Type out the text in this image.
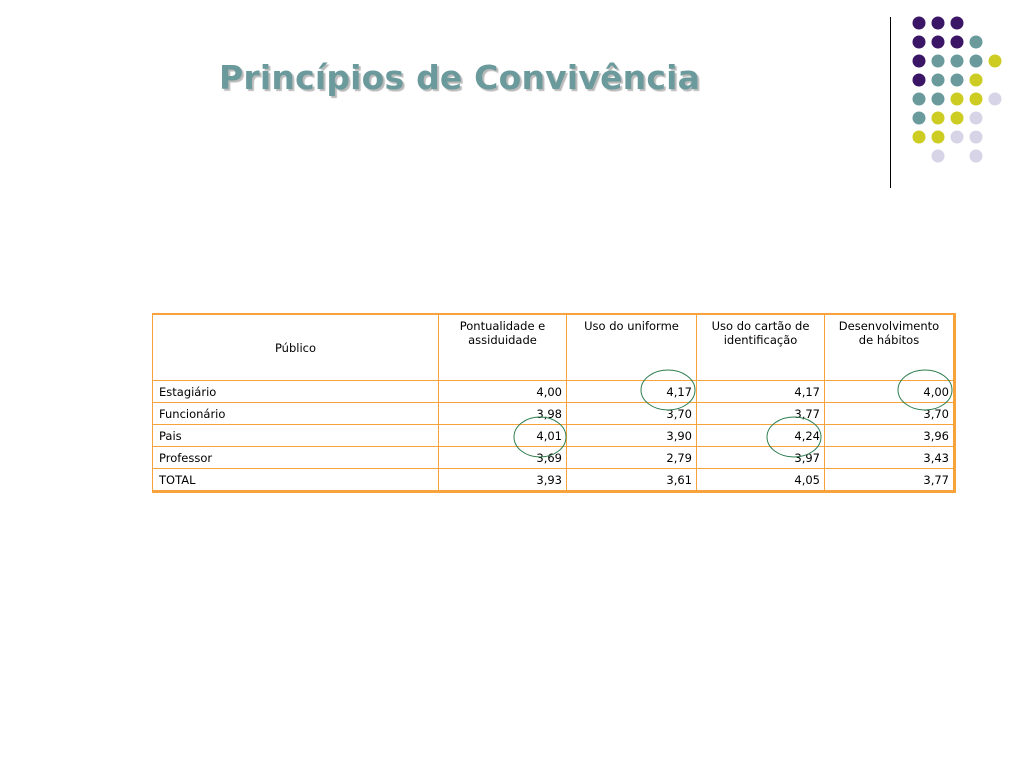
Princípios de Convivência
Público	Pontualidade e assiduidade	Uso do uniforme	Uso do cartão de identificação	Desenvolvimento de hábitos
Estagiário	4,00	4,17	4,17	4,00
Funcionário	3,98	3,70	3,77	3,70
Pais	4,01	3,90	4,24	3,96
Professor	3,69	2,79	3,97	3,43
TOTAL	3,93	3,61	4,05	3,77
